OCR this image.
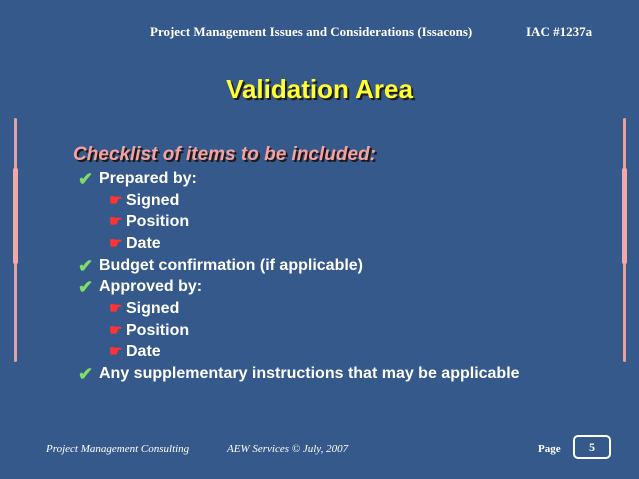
Project Management Issues and Considerations (Issacons)	IAC #1237a
Validation Area
Checklist of items to be included:
✔ Prepared by:
☛ Signed
☛ Position
☛ Date
✔ Budget confirmation (if applicable)
✔ Approved by:
☛ Signed
☛ Position
☛ Date
✔ Any supplementary instructions that may be applicable
Project Management Consulting	AEW Services © July, 2007	Page	5
